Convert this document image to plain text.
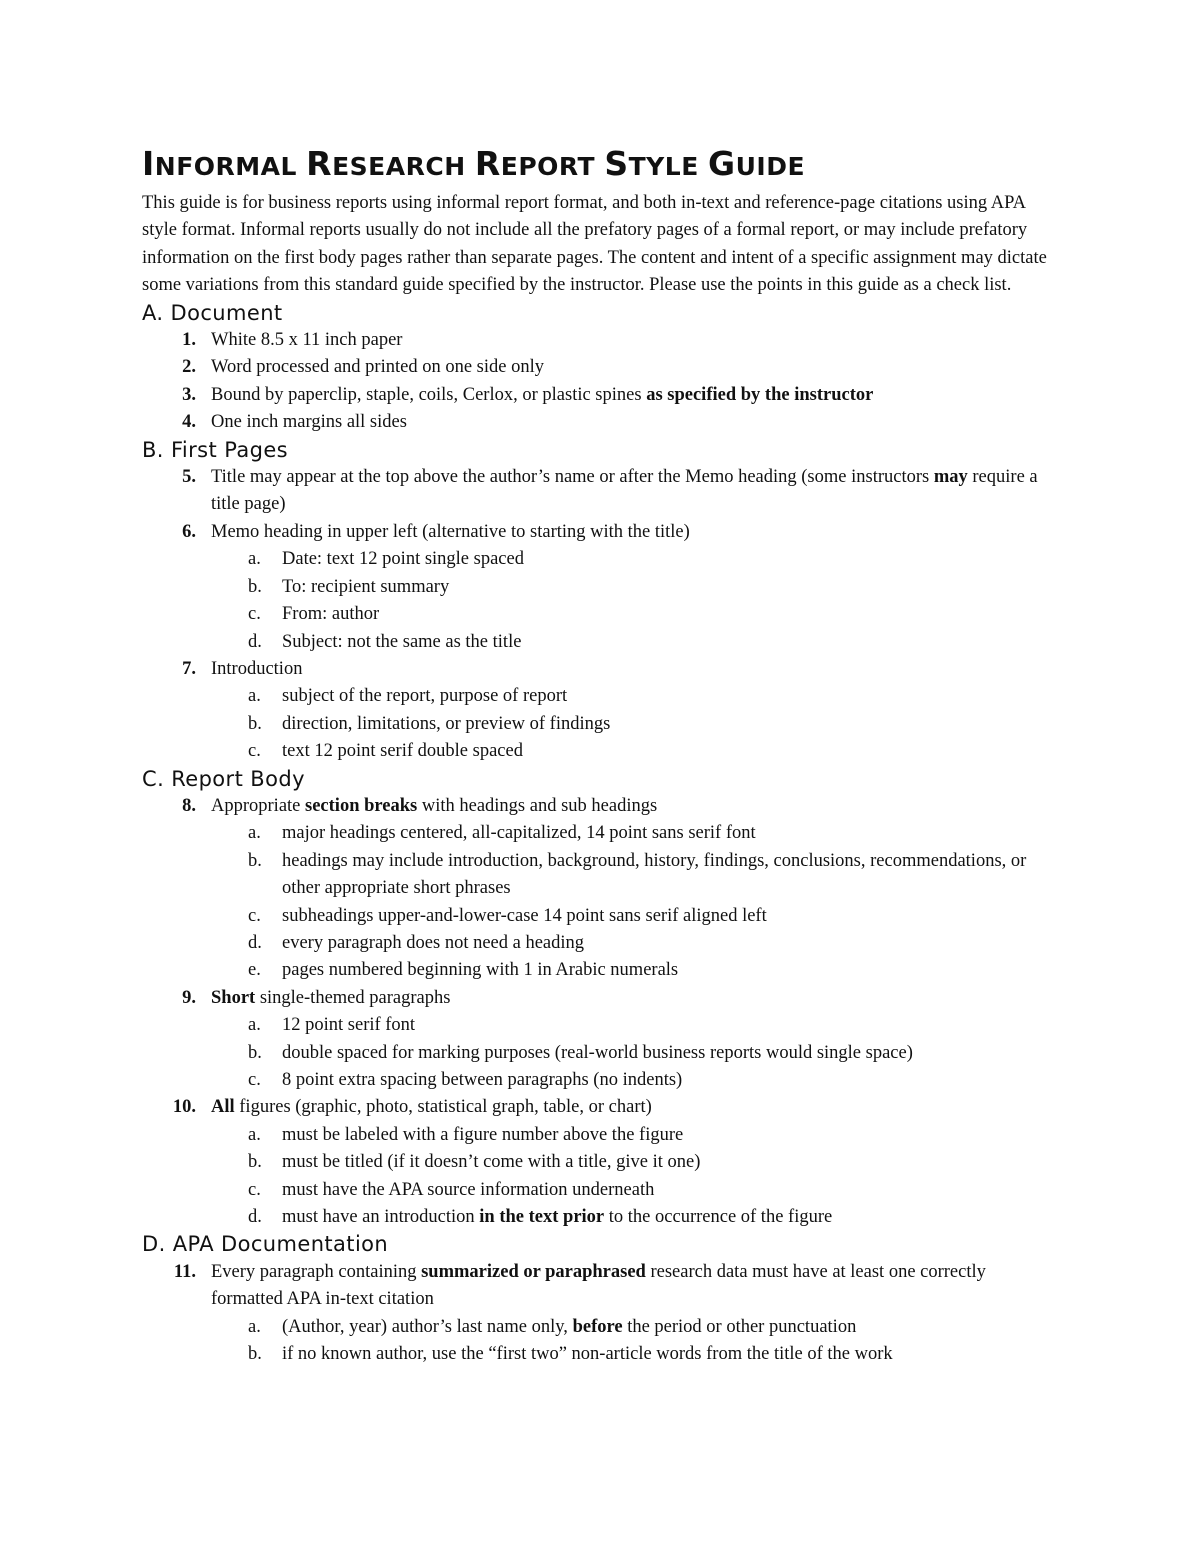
INFORMAL RESEARCH REPORT STYLE GUIDE

This guide is for business reports using informal report format, and both in-text and reference-page citations using APA style format. Informal reports usually do not include all the prefatory pages of a formal report, or may include prefatory information on the first body pages rather than separate pages. The content and intent of a specific assignment may dictate some variations from this standard guide specified by the instructor. Please use the points in this guide as a check list.

A. Document
1. White 8.5 x 11 inch paper
2. Word processed and printed on one side only
3. Bound by paperclip, staple, coils, Cerlox, or plastic spines as specified by the instructor
4. One inch margins all sides
B. First Pages
5. Title may appear at the top above the author’s name or after the Memo heading (some instructors may require a title page)
6. Memo heading in upper left (alternative to starting with the title)
a. Date: text 12 point single spaced
b. To: recipient summary
c. From: author
d. Subject: not the same as the title
7. Introduction
a. subject of the report, purpose of report
b. direction, limitations, or preview of findings
c. text 12 point serif double spaced
C. Report Body
8. Appropriate section breaks with headings and sub headings
a. major headings centered, all-capitalized, 14 point sans serif font
b. headings may include introduction, background, history, findings, conclusions, recommendations, or other appropriate short phrases
c. subheadings upper-and-lower-case 14 point sans serif aligned left
d. every paragraph does not need a heading
e. pages numbered beginning with 1 in Arabic numerals
9. Short single-themed paragraphs
a. 12 point serif font
b. double spaced for marking purposes (real-world business reports would single space)
c. 8 point extra spacing between paragraphs (no indents)
10. All figures (graphic, photo, statistical graph, table, or chart)
a. must be labeled with a figure number above the figure
b. must be titled (if it doesn’t come with a title, give it one)
c. must have the APA source information underneath
d. must have an introduction in the text prior to the occurrence of the figure
D. APA Documentation
11. Every paragraph containing summarized or paraphrased research data must have at least one correctly formatted APA in-text citation
a. (Author, year) author’s last name only, before the period or other punctuation
b. if no known author, use the “first two” non-article words from the title of the work
